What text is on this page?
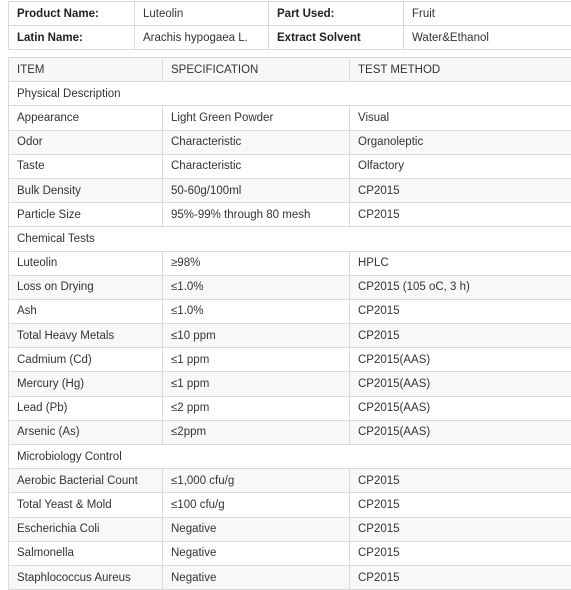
Product Name:	Luteolin	Part Used:	Fruit
Latin Name:	Arachis hypogaea L.	Extract Solvent	Water&Ethanol
ITEM	SPECIFICATION	TEST METHOD
Physical Description		
Appearance	Light Green Powder	Visual
Odor	Characteristic	Organoleptic
Taste	Characteristic	Olfactory
Bulk Density	50-60g/100ml	CP2015
Particle Size	95%-99% through 80 mesh	CP2015
Chemical Tests		
Luteolin	≥98%	HPLC
Loss on Drying	≤1.0%	CP2015 (105 oC, 3 h)
Ash	≤1.0%	CP2015
Total Heavy Metals	≤10 ppm	CP2015
Cadmium (Cd)	≤1 ppm	CP2015(AAS)
Mercury (Hg)	≤1 ppm	CP2015(AAS)
Lead (Pb)	≤2 ppm	CP2015(AAS)
Arsenic (As)	≤2ppm	CP2015(AAS)
Microbiology Control		
Aerobic Bacterial Count	≤1,000 cfu/g	CP2015
Total Yeast & Mold	≤100 cfu/g	CP2015
Escherichia Coli	Negative	CP2015
Salmonella	Negative	CP2015
Staphlococcus Aureus	Negative	CP2015
